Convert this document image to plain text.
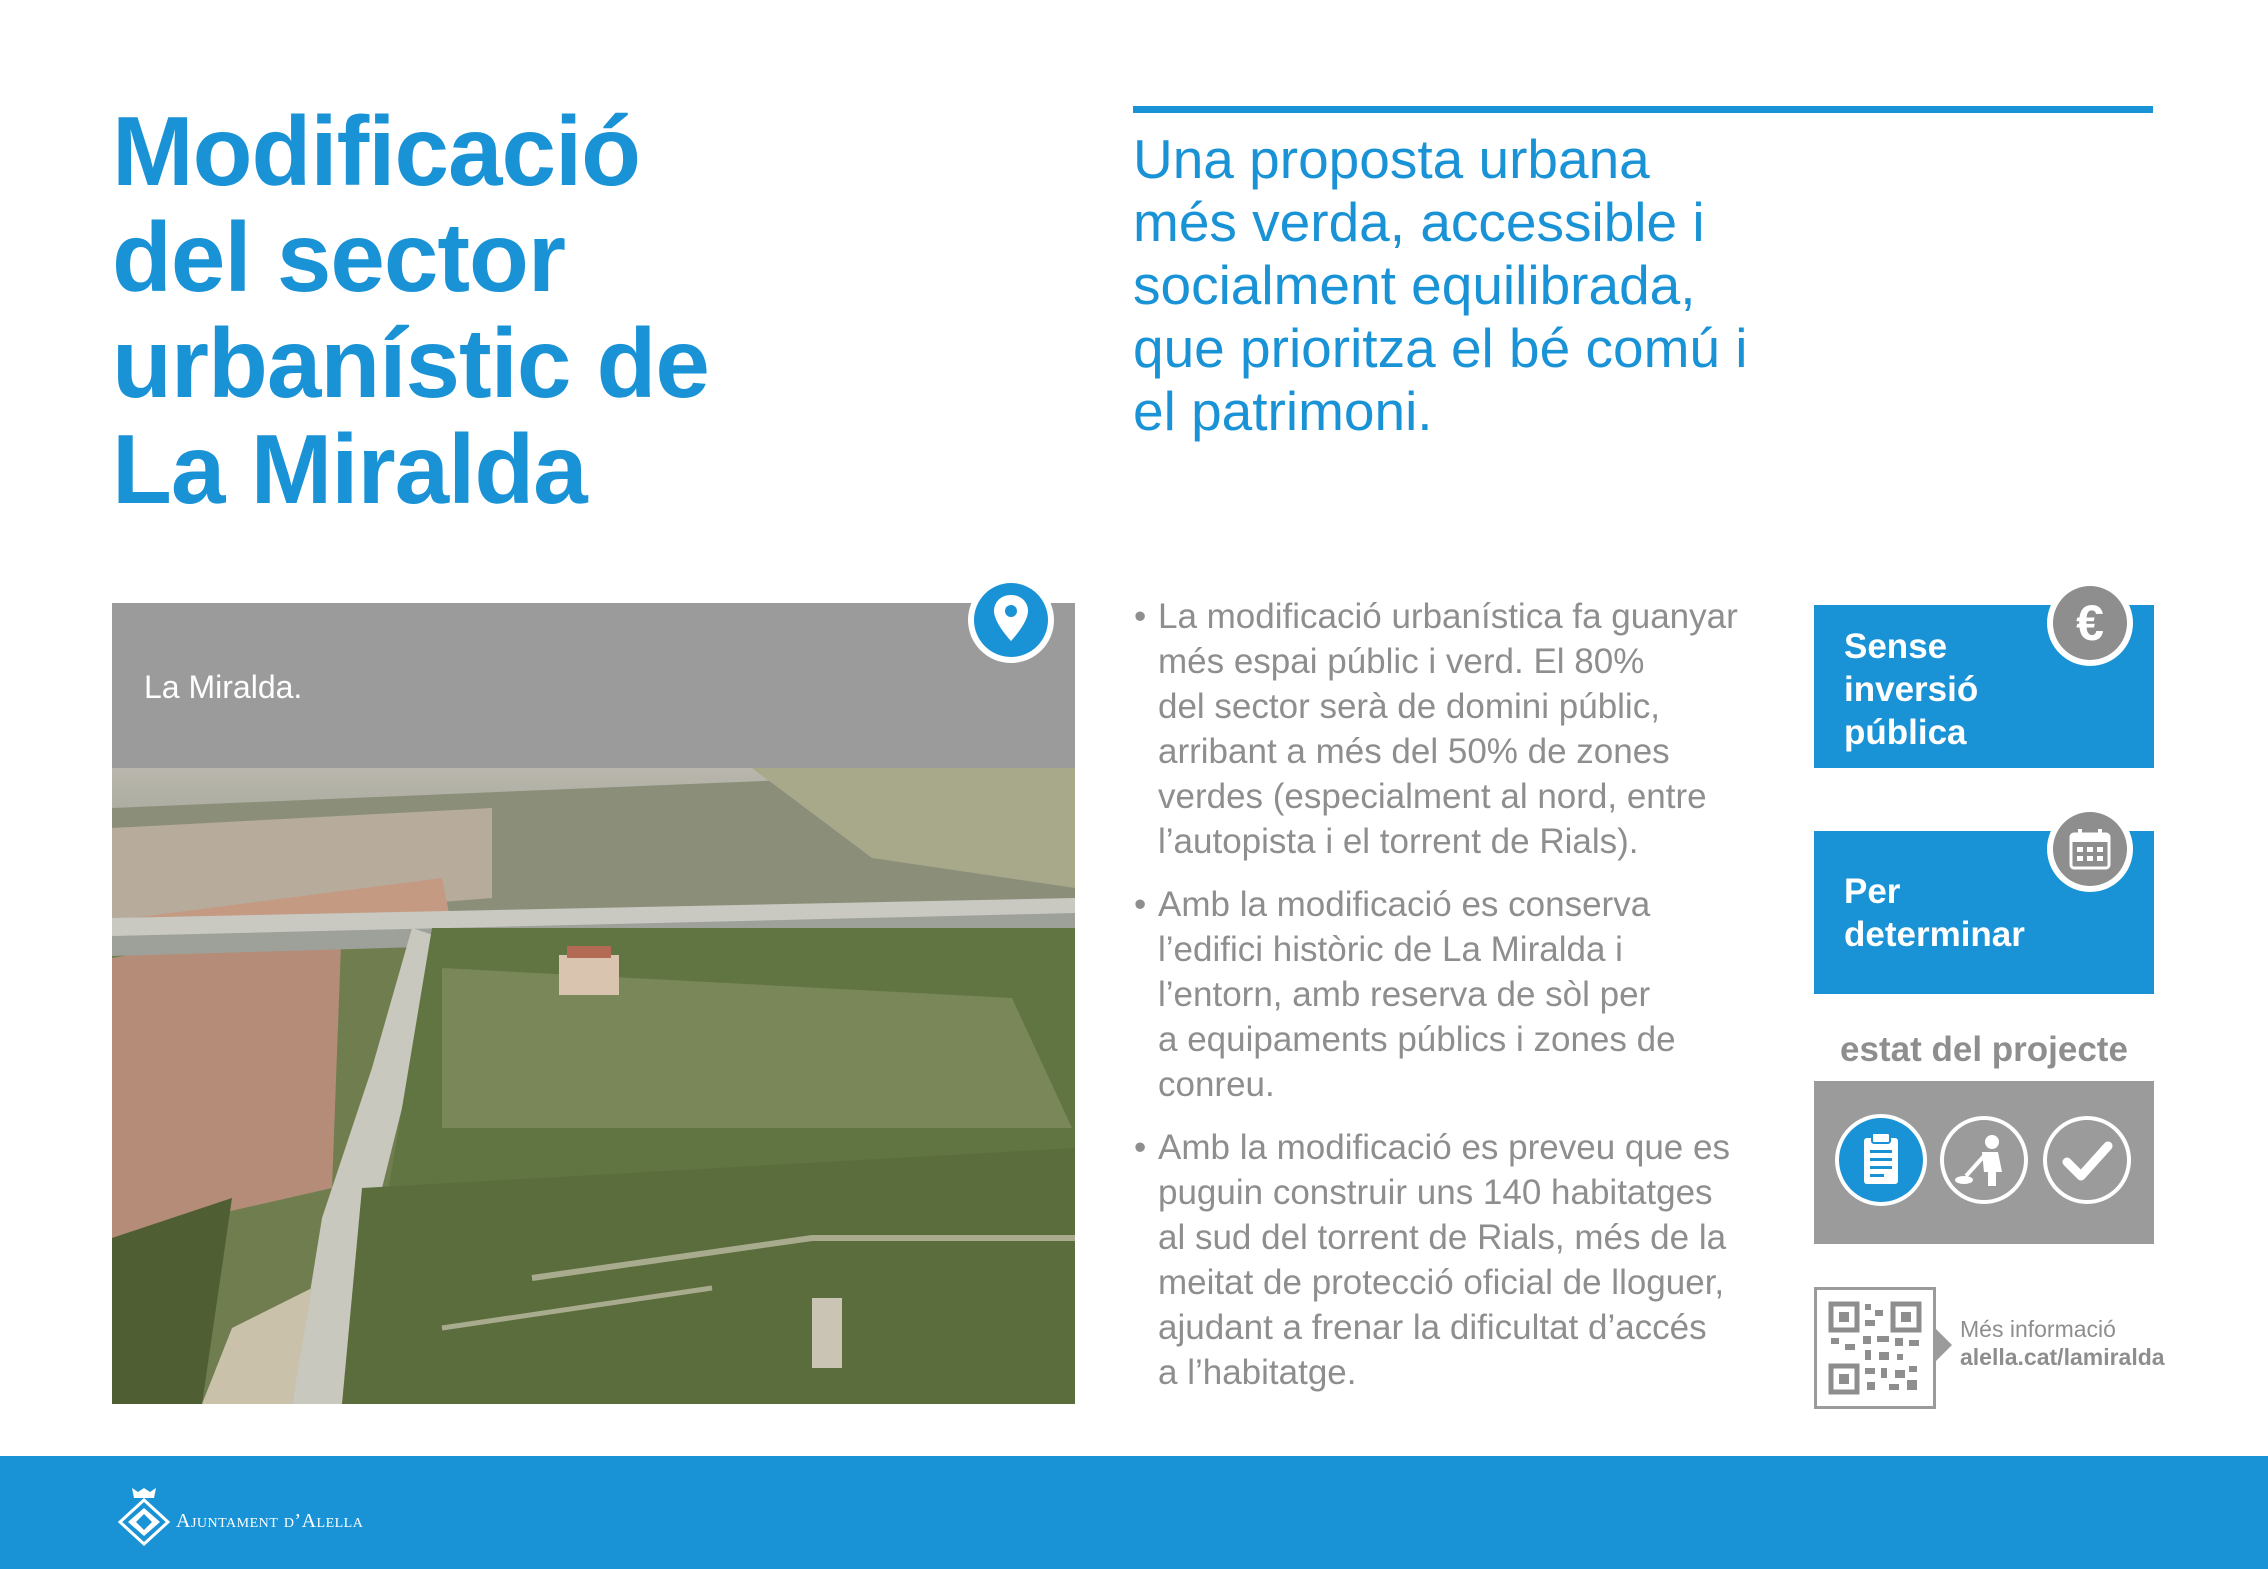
Modificació
del sector
urbanístic de
La Miralda
Una proposta urbana
més verda, accessible i
socialment equilibrada,
que prioritza el bé comú i
el patrimoni.
La Miralda.
• La modificació urbanística fa guanyar
més espai públic i verd. El 80%
del sector serà de domini públic,
arribant a més del 50% de zones
verdes (especialment al nord, entre
l’autopista i el torrent de Rials).
• Amb la modificació es conserva
l’edifici històric de La Miralda i
l’entorn, amb reserva de sòl per
a equipaments públics i zones de
conreu.
• Amb la modificació es preveu que es
puguin construir uns 140 habitatges
al sud del torrent de Rials, més de la
meitat de protecció oficial de lloguer,
ajudant a frenar la dificultat d’accés
a l’habitatge.
Sense
inversió
pública
€
Per
determinar
estat del projecte
Més informació
alella.cat/lamiralda
Ajuntament d’Alella
